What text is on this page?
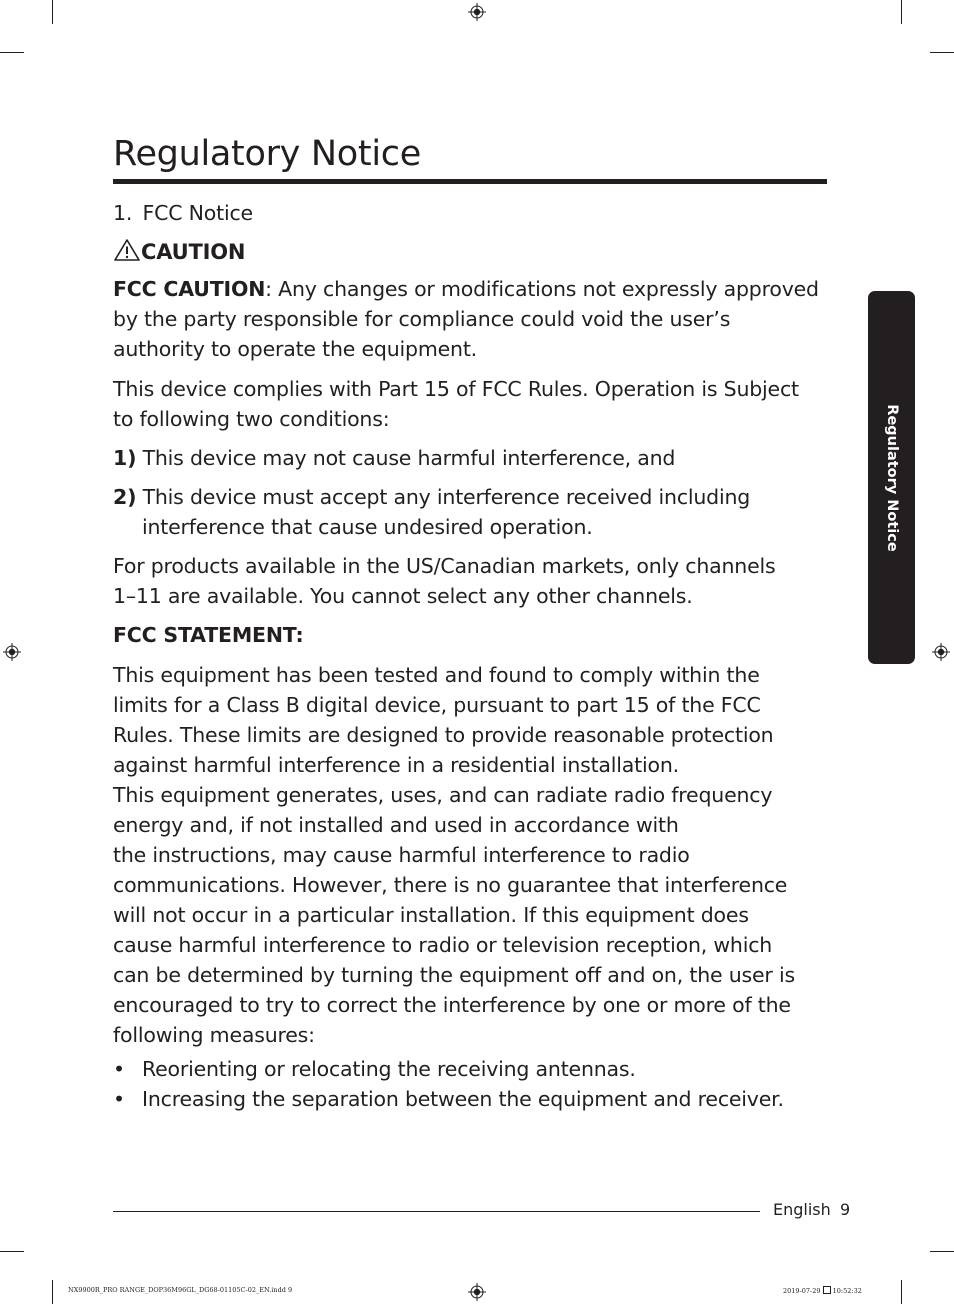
Regulatory Notice
Regulatory Notice
1. FCC Notice
CAUTION
FCC CAUTION: Any changes or modifications not expressly approved
by the party responsible for compliance could void the user’s
authority to operate the equipment.
This device complies with Part 15 of FCC Rules. Operation is Subject
to following two conditions:
1) This device may not cause harmful interference, and
2) This device must accept any interference received including
interference that cause undesired operation.
For products available in the US/Canadian markets, only channels
1–11 are available. You cannot select any other channels.
FCC STATEMENT:
This equipment has been tested and found to comply within the
limits for a Class B digital device, pursuant to part 15 of the FCC
Rules. These limits are designed to provide reasonable protection
against harmful interference in a residential installation.
This equipment generates, uses, and can radiate radio frequency
energy and, if not installed and used in accordance with
the instructions, may cause harmful interference to radio
communications. However, there is no guarantee that interference
will not occur in a particular installation. If this equipment does
cause harmful interference to radio or television reception, which
can be determined by turning the equipment off and on, the user is
encouraged to try to correct the interference by one or more of the
following measures:
• Reorienting or relocating the receiving antennas.
• Increasing the separation between the equipment and receiver.
English 9
NX9900R_PRO RANGE_DOP36M96GL_DG68-01105C-02_EN.indd 9	2019-07-29 10:52:32
